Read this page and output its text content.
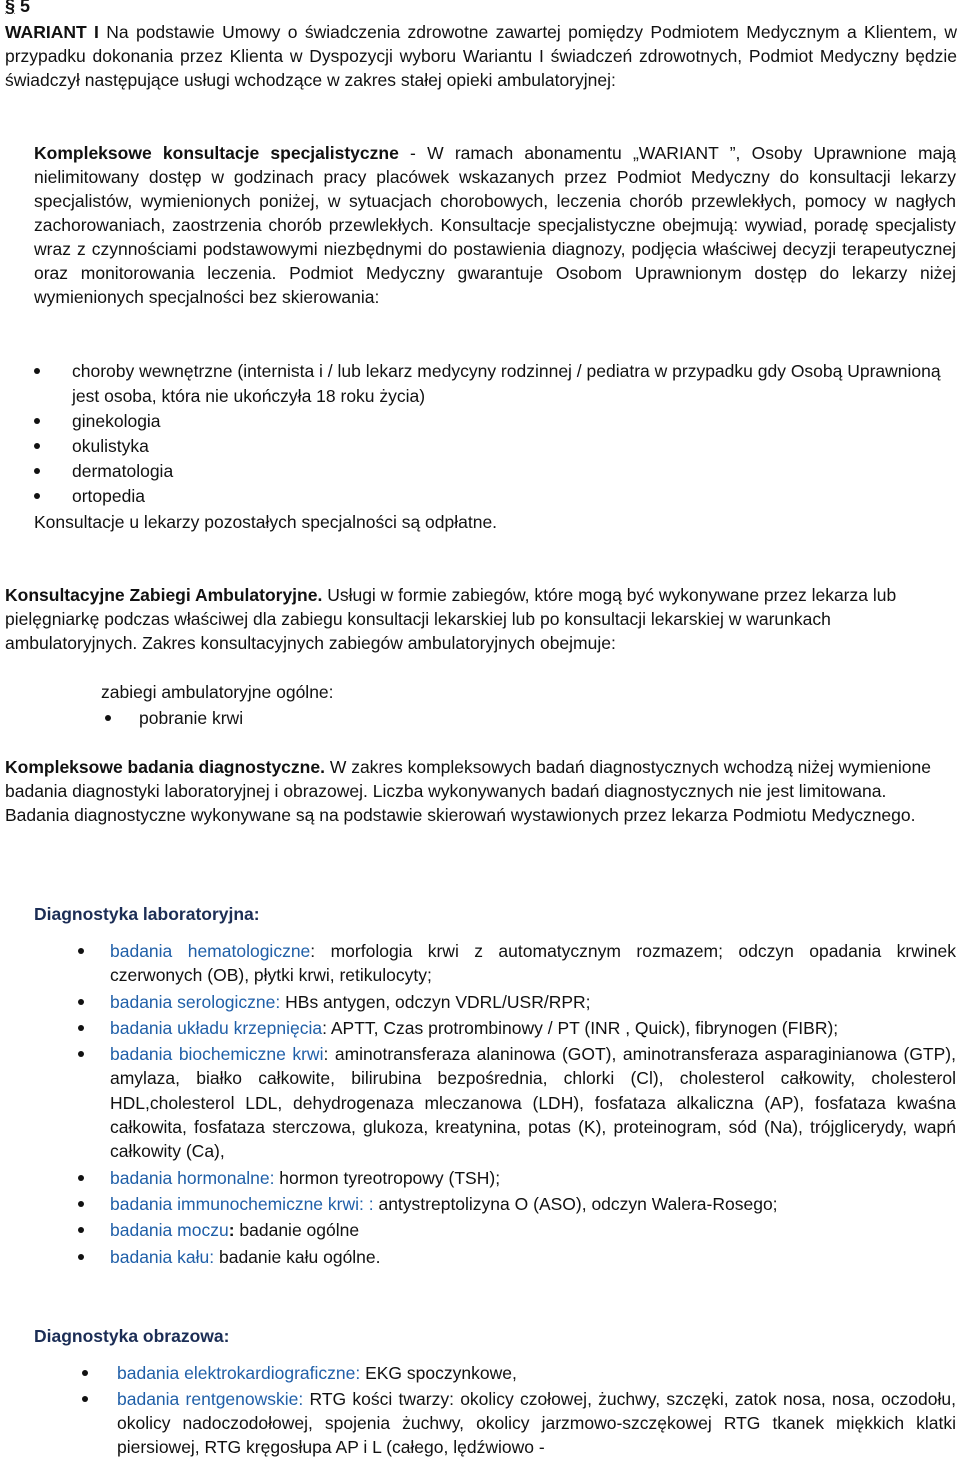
§ 5
WARIANT I Na podstawie Umowy o świadczenia zdrowotne zawartej pomiędzy Podmiotem Medycznym a Klientem, w przypadku dokonania przez Klienta w Dyspozycji wyboru Wariantu I świadczeń zdrowotnych, Podmiot Medyczny będzie świadczył następujące usługi wchodzące w zakres stałej opieki ambulatoryjnej:
Kompleksowe konsultacje specjalistyczne - W ramach abonamentu „WARIANT ”, Osoby Uprawnione mają nielimitowany dostęp w godzinach pracy placówek wskazanych przez Podmiot Medyczny do konsultacji lekarzy specjalistów, wymienionych poniżej, w sytuacjach chorobowych, leczenia chorób przewlekłych, pomocy w nagłych zachorowaniach, zaostrzenia chorób przewlekłych. Konsultacje specjalistyczne obejmują: wywiad, poradę specjalisty wraz z czynnościami podstawowymi niezbędnymi do postawienia diagnozy, podjęcia właściwej decyzji terapeutycznej oraz monitorowania leczenia. Podmiot Medyczny gwarantuje Osobom Uprawnionym dostęp do lekarzy niżej wymienionych specjalności bez skierowania:
choroby wewnętrzne (internista i / lub lekarz medycyny rodzinnej / pediatra w przypadku gdy Osobą Uprawnioną jest osoba, która nie ukończyła 18 roku życia)
ginekologia
okulistyka
dermatologia
ortopedia
Konsultacje u lekarzy pozostałych specjalności są odpłatne.
Konsultacyjne Zabiegi Ambulatoryjne. Usługi w formie zabiegów, które mogą być wykonywane przez lekarza lub pielęgniarkę podczas właściwej dla zabiegu konsultacji lekarskiej lub po konsultacji lekarskiej w warunkach ambulatoryjnych. Zakres konsultacyjnych zabiegów ambulatoryjnych obejmuje:
zabiegi ambulatoryjne ogólne:
pobranie krwi
Kompleksowe badania diagnostyczne. W zakres kompleksowych badań diagnostycznych wchodzą niżej wymienione badania diagnostyki laboratoryjnej i obrazowej. Liczba wykonywanych badań diagnostycznych nie jest limitowana. Badania diagnostyczne wykonywane są na podstawie skierowań wystawionych przez lekarza Podmiotu Medycznego.
Diagnostyka laboratoryjna:
badania hematologiczne: morfologia krwi z automatycznym rozmazem; odczyn opadania krwinek czerwonych (OB), płytki krwi, retikulocyty;
badania serologiczne: HBs antygen, odczyn VDRL/USR/RPR;
badania układu krzepnięcia: APTT, Czas protrombinowy / PT (INR , Quick), fibrynogen (FIBR);
badania biochemiczne krwi: aminotransferaza alaninowa (GOT), aminotransferaza asparaginianowa (GTP), amylaza, białko całkowite, bilirubina bezpośrednia, chlorki (Cl), cholesterol całkowity, cholesterol HDL,cholesterol LDL, dehydrogenaza mleczanowa (LDH), fosfataza alkaliczna (AP), fosfataza kwaśna całkowita, fosfataza sterczowa, glukoza, kreatynina, potas (K), proteinogram, sód (Na), trójglicerydy, wapń całkowity (Ca),
badania hormonalne: hormon tyreotropowy (TSH);
badania immunochemiczne krwi: : antystreptolizyna O (ASO), odczyn Walera-Rosego;
badania moczu: badanie ogólne
badania kału: badanie kału ogólne.
Diagnostyka obrazowa:
badania elektrokardiograficzne: EKG spoczynkowe,
badania rentgenowskie: RTG kości twarzy: okolicy czołowej, żuchwy, szczęki, zatok nosa, nosa, oczodołu, okolicy nadoczodołowej, spojenia żuchwy, okolicy jarzmowo-szczękowej RTG tkanek miękkich klatki piersiowej, RTG kręgosłupa AP i L (całego, lędźwiowo -
